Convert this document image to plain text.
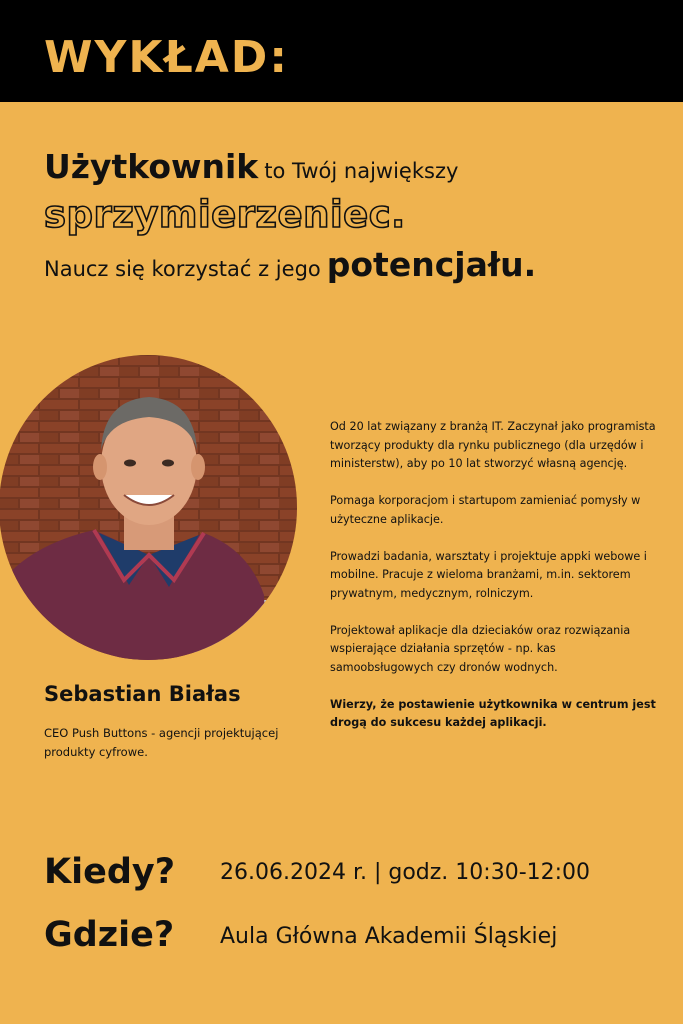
WYKŁAD:
Użytkownik to Twój największy
sprzymierzeniec.
Naucz się korzystać z jego potencjału.
Sebastian Białas
CEO Push Buttons - agencji projektującej produkty cyfrowe.

Od 20 lat związany z branżą IT. Zaczynał jako programista tworzący produkty dla rynku publicznego (dla urzędów i ministerstw), aby po 10 lat stworzyć własną agencję.

Pomaga korporacjom i startupom zamieniać pomysły w użyteczne aplikacje.

Prowadzi badania, warsztaty i projektuje appki webowe i mobilne. Pracuje z wieloma branżami, m.in. sektorem prywatnym, medycznym, rolniczym.

Projektował aplikacje dla dzieciaków oraz rozwiązania wspierające działania sprzętów - np. kas samoobsługowych czy dronów wodnych.

Wierzy, że postawienie użytkownika w centrum jest drogą do sukcesu każdej aplikacji.

Kiedy? 26.06.2024 r. | godz. 10:30-12:00
Gdzie? Aula Główna Akademii Śląskiej
